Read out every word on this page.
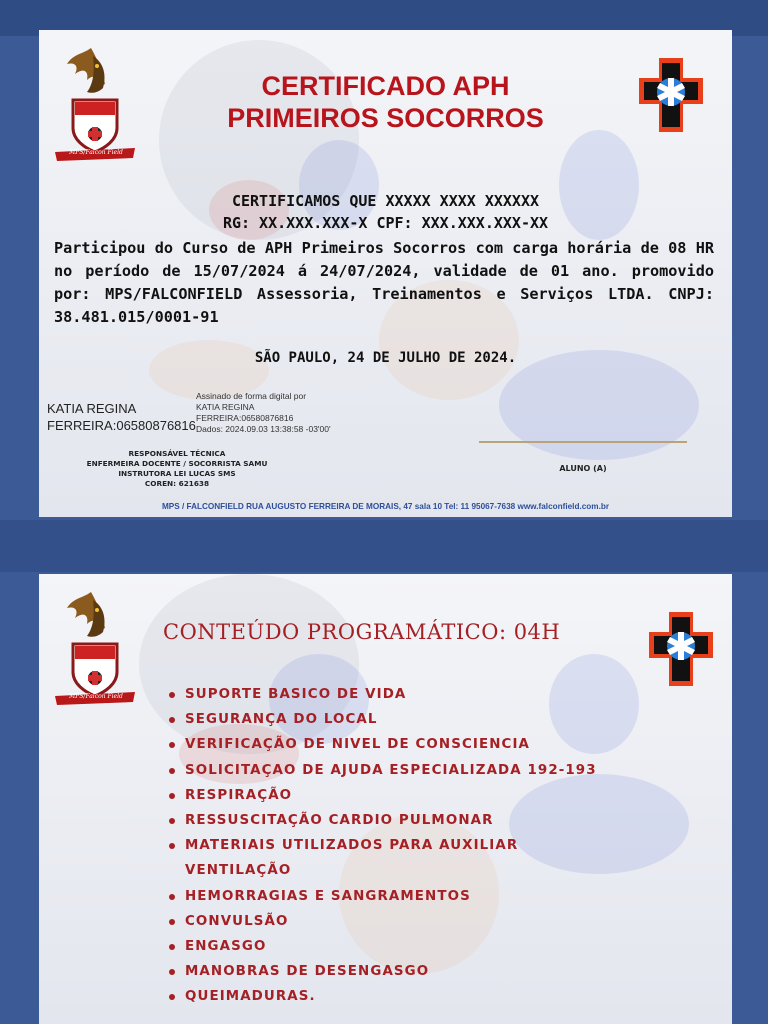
MPS/Falcon Field
CERTIFICADO APH
PRIMEIROS SOCORROS
CERTIFICAMOS QUE XXXXX XXXX XXXXXX
RG: XX.XXX.XXX-X CPF: XXX.XXX.XXX-XX
Participou do Curso de APH Primeiros Socorros com carga horária de 08 HR no período de 15/07/2024 á 24/07/2024, validade de 01 ano. promovido por: MPS/FALCONFIELD Assessoria, Treinamentos e Serviços LTDA. CNPJ: 38.481.015/0001-91
SÃO PAULO, 24 DE JULHO DE 2024.
KATIA REGINA
FERREIRA:06580876816
Assinado de forma digital por
KATIA REGINA
FERREIRA:06580876816
Dados: 2024.09.03 13:38:58 -03'00'
RESPONSÁVEL TÉCNICA
ENFERMEIRA DOCENTE / SOCORRISTA SAMU
INSTRUTORA LEI LUCAS SMS
COREN: 621638
ALUNO (A)
MPS / FALCONFIELD RUA AUGUSTO FERREIRA DE MORAIS, 47 sala 10 Tel: 11 95067-7638 www.falconfield.com.br
MPS/Falcon Field
CONTEÚDO PROGRAMÁTICO: 04H
SUPORTE BASICO DE VIDA
SEGURANÇA DO LOCAL
VERIFICAÇÃO DE NIVEL DE CONSCIENCIA
SOLICITAÇAO DE AJUDA ESPECIALIZADA 192-193
RESPIRAÇÃO
RESSUSCITAÇÃO CARDIO PULMONAR
MATERIAIS UTILIZADOS PARA AUXILIAR
VENTILAÇÃO
HEMORRAGIAS E SANGRAMENTOS
CONVULSÃO
ENGASGO
MANOBRAS DE DESENGASGO
QUEIMADURAS.
